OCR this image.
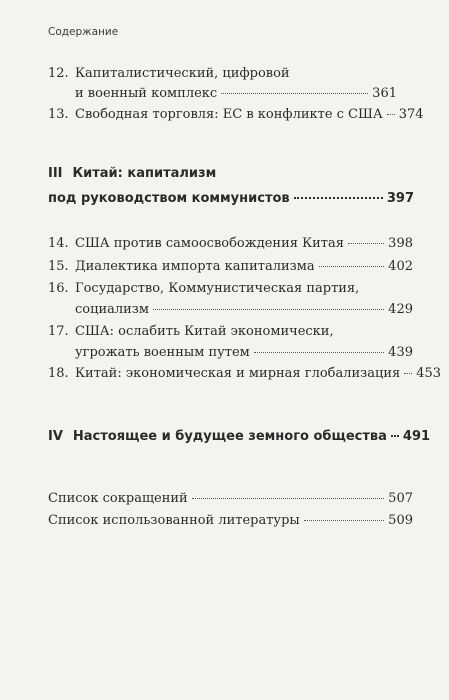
Содержание
12. Капиталистический, цифровой
и военный комплекс	361
13. Свободная торговля: ЕС в конфликте с США 374
III Китай: капитализм
под руководством коммунистов	397
14. США против самоосвобождения Китая	398
15. Диалектика импорта капитализма	402
16. Государство, Коммунистическая партия,
социализм	429
17. США: ослабить Китай экономически,
угрожать военным путем	439
18. Китай: экономическая и мирная глобализация 453
IV Настоящее и будущее земного общества 491
Список сокращений	507
Список использованной литературы	509
